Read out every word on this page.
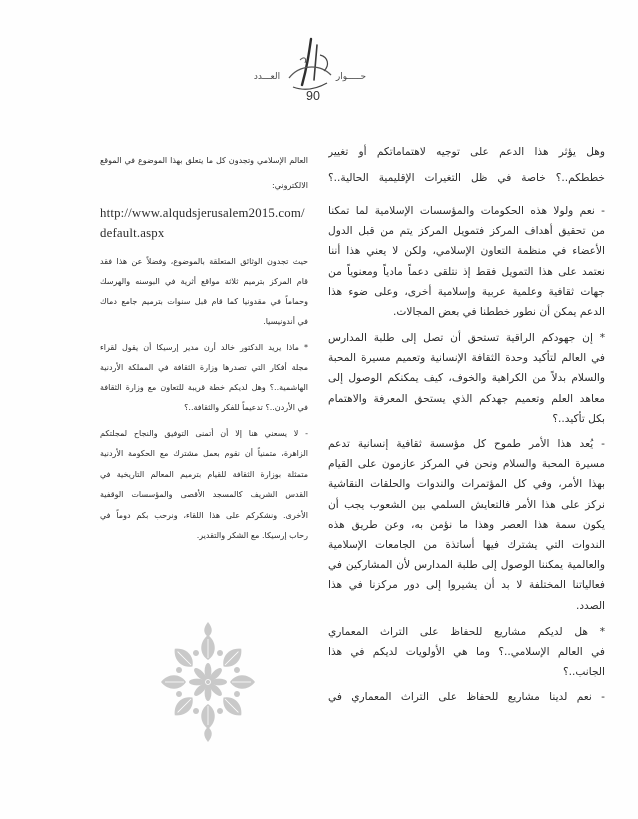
العـــدد	حـــــوار
90
وهل يؤثر هذا الدعم على توجيه لاهتماماتكم أو تغيير
خططكم..؟ خاصة في ظل التغيرات الإقليمية الحالية..؟
- نعم ولولا هذه الحكومات والمؤسسات الإسلامية لما تمكنا
من تحقيق أهداف المركز فتمويل المركز يتم من قبل الدول
الأعضاء في منظمة التعاون الإسلامي، ولكن لا يعني هذا أننا
نعتمد على هذا التمويل فقط إذ نتلقى دعماً مادياً ومعنوياً من
جهات ثقافية وعلمية عربية وإسلامية أخرى، وعلى ضوء هذا
الدعم يمكن أن نطور خططنا في بعض المجالات.
* إن جهودكم الراقية تستحق أن تصل إلى طلبة المدارس
في العالم لتأكيد وحدة الثقافة الإنسانية وتعميم مسيرة المحبة
والسلام بدلاً من الكراهية والخوف، كيف يمكنكم الوصول إلى
معاهد العلم وتعميم جهدكم الذي يستحق المعرفة والاهتمام
بكل تأكيد..؟
- يُعد هذا الأمر طموح كل مؤسسة ثقافية إنسانية تدعم
مسيرة المحبة والسلام ونحن في المركز عازمون على القيام
بهذا الأمر، وفي كل المؤتمرات والندوات والحلقات النقاشية
نركز على هذا الأمر فالتعايش السلمي بين الشعوب يجب أن
يكون سمة هذا العصر وهذا ما نؤمن به، وعن طريق هذه
الندوات التي يشترك فيها أساتذة من الجامعات الإسلامية
والعالمية يمكننا الوصول إلى طلبة المدارس لأن المشاركين في
فعالياتنا المختلفة لا بد أن يشيروا إلى دور مركزنا في هذا
الصدد.
* هل لديكم مشاريع للحفاظ على التراث المعماري
في العالم الإسلامي..؟ وما هي الأولويات لديكم في هذا
الجانب..؟
- نعم لدينا مشاريع للحفاظ على التراث المعماري في
العالم الإسلامي وتجدون كل ما يتعلق بهذا الموضوع في الموقع
الالكتروني:
http://www.alqudsjerusalem2015.com/
default.aspx
حيث تجدون الوثائق المتعلقة بالموضوع، وفضلاً عن هذا فقد
قام المركز بترميم ثلاثة مواقع أثرية في البوسنه والهرسك
وحماماً في مقدونيا كما قام قبل سنوات بترميم جامع دماك
في أندونيسيا.
* ماذا يريد الدكتور خالد أرن مدير إرسيكا أن يقول لقراء
مجلة أفكار التي تصدرها وزارة الثقافة في المملكة الأردنية
الهاشمية..؟ وهل لديكم خطة قريبة للتعاون مع وزارة الثقافة
في الأردن..؟ تدعيماً للفكر والثقافة..؟
- لا يسعني هنا إلا أن أتمنى التوفيق والنجاح لمجلتكم
الزاهرة، متمنياً أن نقوم بعمل مشترك مع الحكومة الأردنية
متمثلة بوزارة الثقافة للقيام بترميم المعالم التاريخية في
القدس الشريف كالمسجد الأقصى والمؤسسات الوقفية
الأخرى. ونشكركم على هذا اللقاء، ونرحب بكم دوماً في
رحاب إرسيكا. مع الشكر والتقدير.
